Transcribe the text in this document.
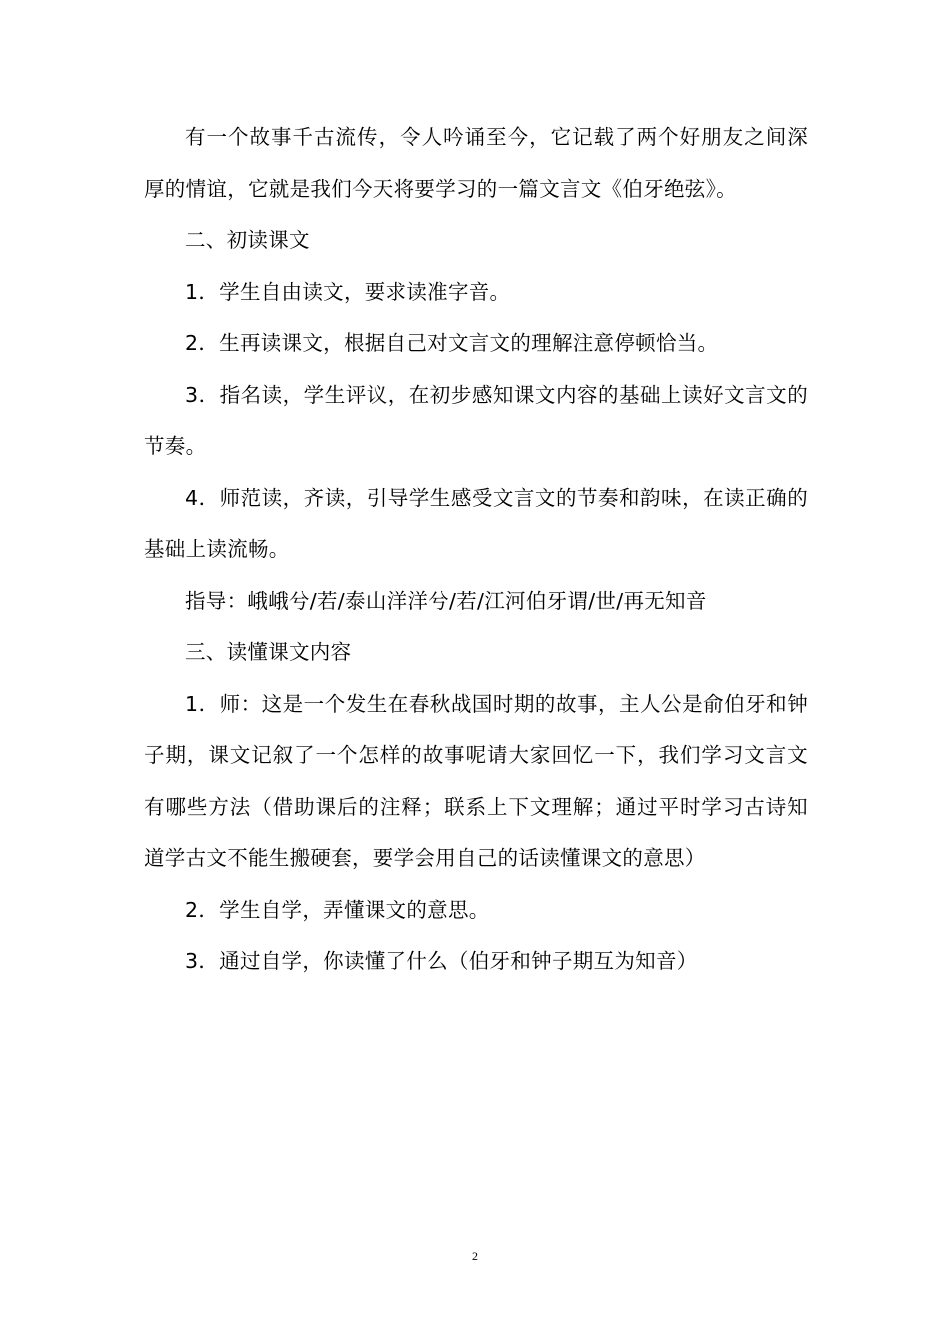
有一个故事千古流传，令人吟诵至今，它记载了两个好朋友之间深厚的情谊，它就是我们今天将要学习的一篇文言文《伯牙绝弦》。

二、初读课文

1．学生自由读文，要求读准字音。

2．生再读课文，根据自己对文言文的理解注意停顿恰当。

3．指名读，学生评议，在初步感知课文内容的基础上读好文言文的节奏。

4．师范读，齐读，引导学生感受文言文的节奏和韵味，在读正确的基础上读流畅。

指导：峨峨兮/若/泰山洋洋兮/若/江河伯牙谓/世/再无知音

三、读懂课文内容

1．师：这是一个发生在春秋战国时期的故事，主人公是俞伯牙和钟子期，课文记叙了一个怎样的故事呢请大家回忆一下，我们学习文言文有哪些方法（借助课后的注释；联系上下文理解；通过平时学习古诗知道学古文不能生搬硬套，要学会用自己的话读懂课文的意思）

2．学生自学，弄懂课文的意思。

3．通过自学，你读懂了什么（伯牙和钟子期互为知音）

2
